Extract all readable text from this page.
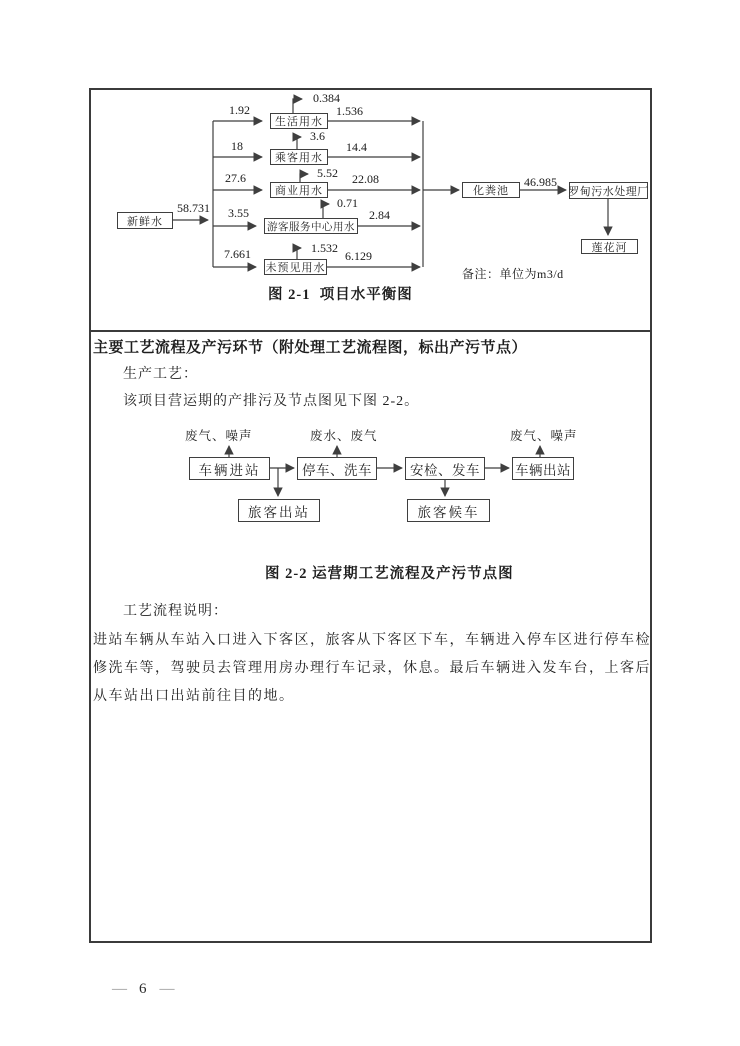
新鲜水
58.731
1.92
生活用水
0.384
1.536
18
乘客用水
3.6
14.4
27.6
商业用水
5.52 22.08
3.55
游客服务中心用水
0.71
2.84
7.661
未预见用水
1.532
6.129
化粪池
46.985
罗甸污水处理厂
莲花河
备注：单位为m3/d
图 2-1  项目水平衡图
主要工艺流程及产污环节（附处理工艺流程图，标出产污节点）
生产工艺：
该项目营运期的产排污及节点图见下图 2-2。
废气、噪声	废水、废气	废气、噪声
车辆进站	停车、洗车	安检、发车	车辆出站
旅客出站	旅客候车
图 2-2 运营期工艺流程及产污节点图
工艺流程说明：
进站车辆从车站入口进入下客区，旅客从下客区下车，车辆进入停车区进行停车检
修洗车等，驾驶员去管理用房办理行车记录，休息。最后车辆进入发车台，上客后
从车站出口出站前往目的地。
— 6 —
